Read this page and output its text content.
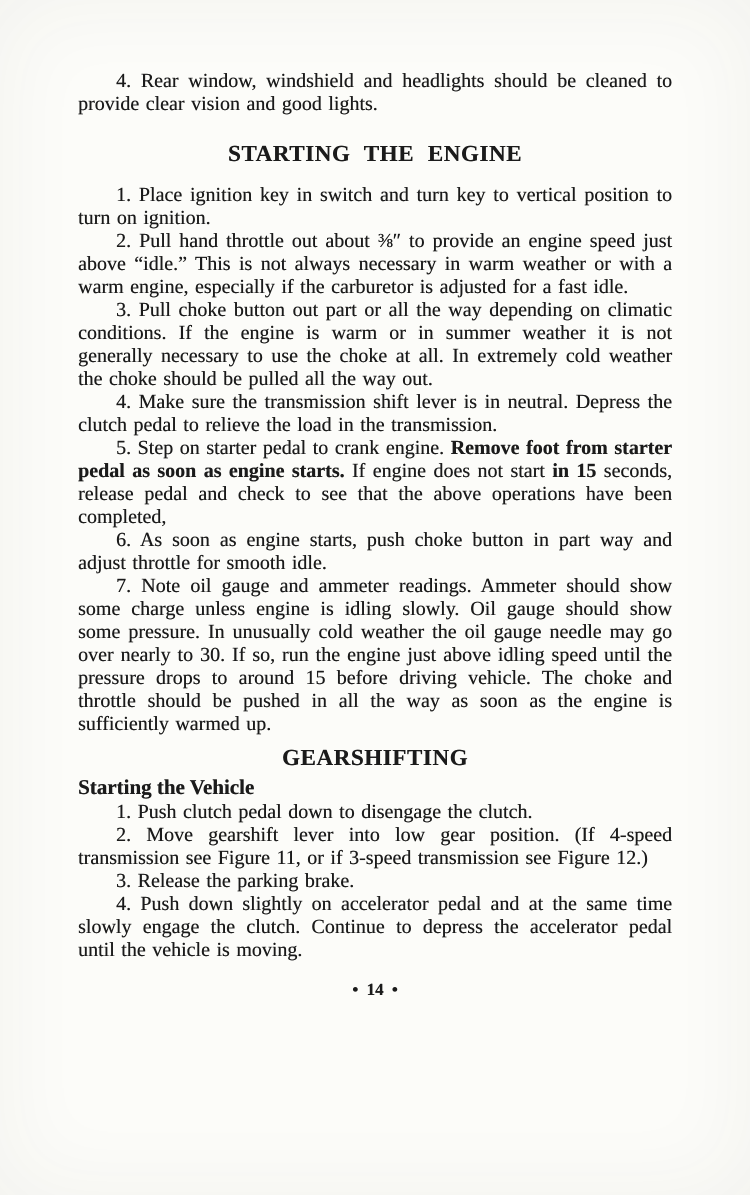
4. Rear window, windshield and headlights should be cleaned to provide clear vision and good lights.

STARTING THE ENGINE

1. Place ignition key in switch and turn key to vertical position to turn on ignition.

2. Pull hand throttle out about ⅜″ to provide an engine speed just above “idle.” This is not always necessary in warm weather or with a warm engine, especially if the carburetor is adjusted for a fast idle.

3. Pull choke button out part or all the way depending on climatic conditions. If the engine is warm or in summer weather it is not generally necessary to use the choke at all. In extremely cold weather the choke should be pulled all the way out.

4. Make sure the transmission shift lever is in neutral. Depress the clutch pedal to relieve the load in the transmission.

5. Step on starter pedal to crank engine. Remove foot from starter pedal as soon as engine starts. If engine does not start in 15 seconds, release pedal and check to see that the above operations have been completed,

6. As soon as engine starts, push choke button in part way and adjust throttle for smooth idle.

7. Note oil gauge and ammeter readings. Ammeter should show some charge unless engine is idling slowly. Oil gauge should show some pressure. In unusually cold weather the oil gauge needle may go over nearly to 30. If so, run the engine just above idling speed until the pressure drops to around 15 before driving vehicle. The choke and throttle should be pushed in all the way as soon as the engine is sufficiently warmed up.

GEARSHIFTING
Starting the Vehicle

1. Push clutch pedal down to disengage the clutch.

2. Move gearshift lever into low gear position. (If 4-speed transmission see Figure 11, or if 3-speed transmission see Figure 12.)

3. Release the parking brake.

4. Push down slightly on accelerator pedal and at the same time slowly engage the clutch. Continue to depress the accelerator pedal until the vehicle is moving.

• 14 •
